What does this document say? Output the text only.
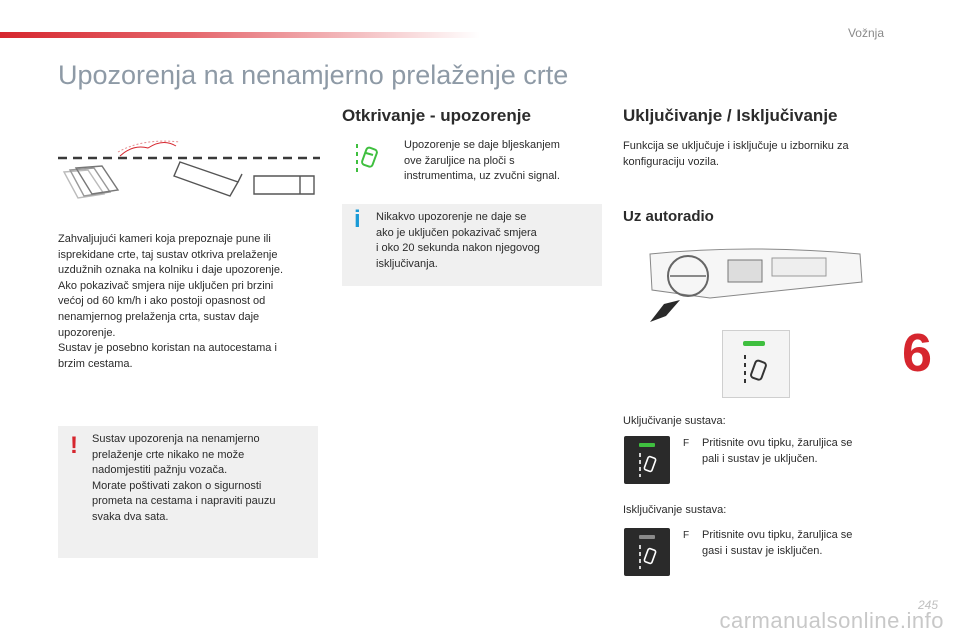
Vožnja
Upozorenja na nenamjerno prelaženje crte

Zahvaljujući kameri koja prepoznaje pune ili
isprekidane crte, taj sustav otkriva prelaženje
uzdužnih oznaka na kolniku i daje upozorenje.
Ako pokazivač smjera nije uključen pri brzini
većoj od 60 km/h i ako postoji opasnost od
nenamjernog prelaženja crta, sustav daje
upozorenje.
Sustav je posebno koristan na autocestama i
brzim cestama.

! Sustav upozorenja na nenamjerno
prelaženje crte nikako ne može
nadomjestiti pažnju vozača.
Morate poštivati zakon o sigurnosti
prometa na cestama i napraviti pauzu
svaka dva sata.

Otkrivanje - upozorenje

Upozorenje se daje bljeskanjem
ove žaruljice na ploči s
instrumentima, uz zvučni signal.

i Nikakvo upozorenje ne daje se
ako je uključen pokazivač smjera
i oko 20 sekunda nakon njegovog
isključivanja.

Uključivanje / Isključivanje

Funkcija se uključuje i isključuje u izborniku za
konfiguraciju vozila.

Uz autoradio

Uključivanje sustava:

F Pritisnite ovu tipku, žaruljica se
pali i sustav je uključen.

Isključivanje sustava:

F Pritisnite ovu tipku, žaruljica se
gasi i sustav je isključen.

6
carmanualsonline.info
245
